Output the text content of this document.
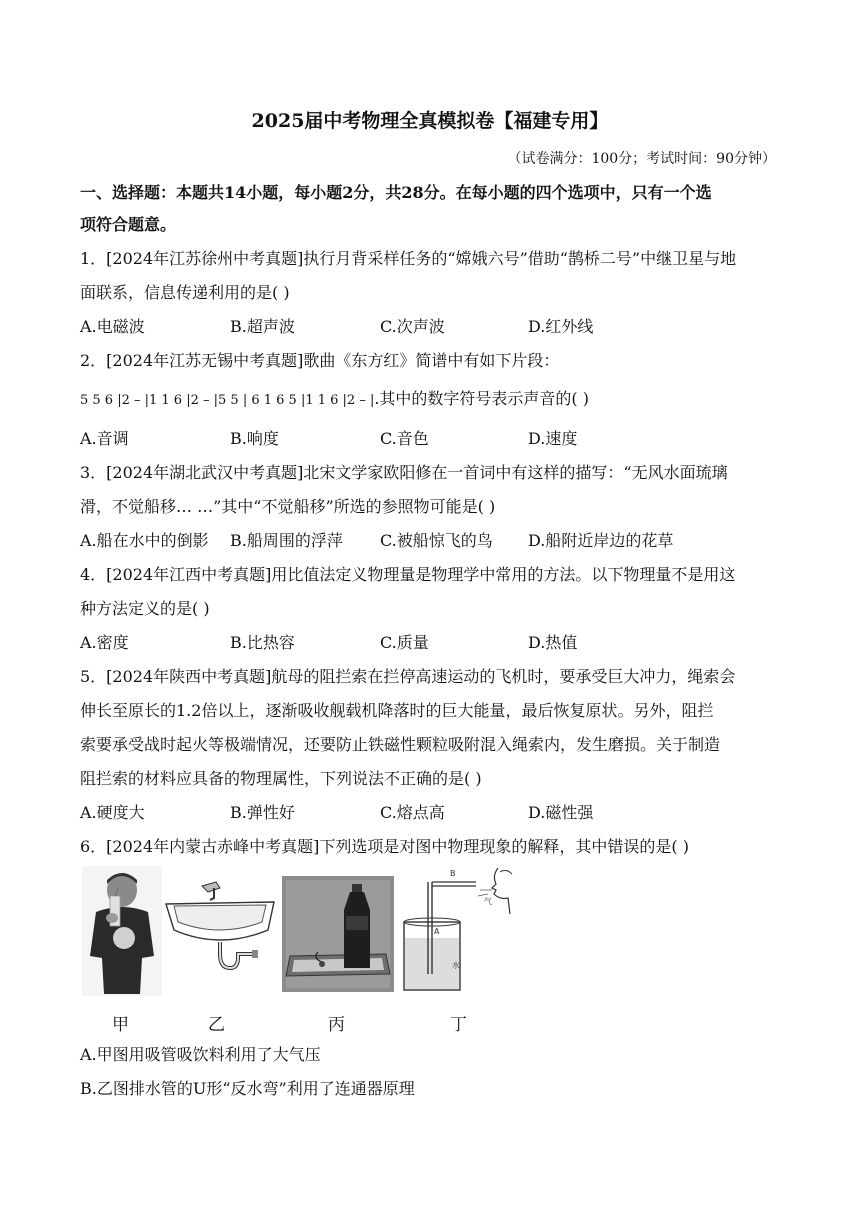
2025届中考物理全真模拟卷【福建专用】
（试卷满分：100分；考试时间：90分钟）
一、选择题：本题共14小题，每小题2分，共28分。在每小题的四个选项中，只有一个选
项符合题意。
1．[2024年江苏徐州中考真题]执行月背采样任务的“嫦娥六号”借助“鹊桥二号”中继卫星与地
面联系，信息传递利用的是( )
A.电磁波	B.超声波	C.次声波	D.红外线
2．[2024年江苏无锡中考真题]歌曲《东方红》简谱中有如下片段：
5 5 6 |2 – |1 1 6 |2 – |5 5 | 6 1 6 5 |1 1 6 |2 – |.其中的数字符号表示声音的( )
A.音调	B.响度	C.音色	D.速度
3．[2024年湖北武汉中考真题]北宋文学家欧阳修在一首词中有这样的描写：“无风水面琉璃
滑，不觉船移… …”其中“不觉船移”所选的参照物可能是( )
A.船在水中的倒影 B.船周围的浮萍 C.被船惊飞的鸟 D.船附近岸边的花草
4．[2024年江西中考真题]用比值法定义物理量是物理学中常用的方法。以下物理量不是用这
种方法定义的是( )
A.密度	B.比热容	C.质量	D.热值
5．[2024年陕西中考真题]航母的阻拦索在拦停高速运动的飞机时，要承受巨大冲力，绳索会
伸长至原长的1.2倍以上，逐渐吸收舰载机降落时的巨大能量，最后恢复原状。另外，阻拦
索要承受战时起火等极端情况，还要防止铁磁性颗粒吸附混入绳索内，发生磨损。关于制造
阻拦索的材料应具备的物理属性，下列说法不正确的是( )
A.硬度大	B.弹性好	C.熔点高	D.磁性强
6．[2024年内蒙古赤峰中考真题]下列选项是对图中物理现象的解释，其中错误的是( )
B
A
水
气
甲	乙	丙	丁
A.甲图用吸管吸饮料利用了大气压
B.乙图排水管的U形“反水弯”利用了连通器原理
